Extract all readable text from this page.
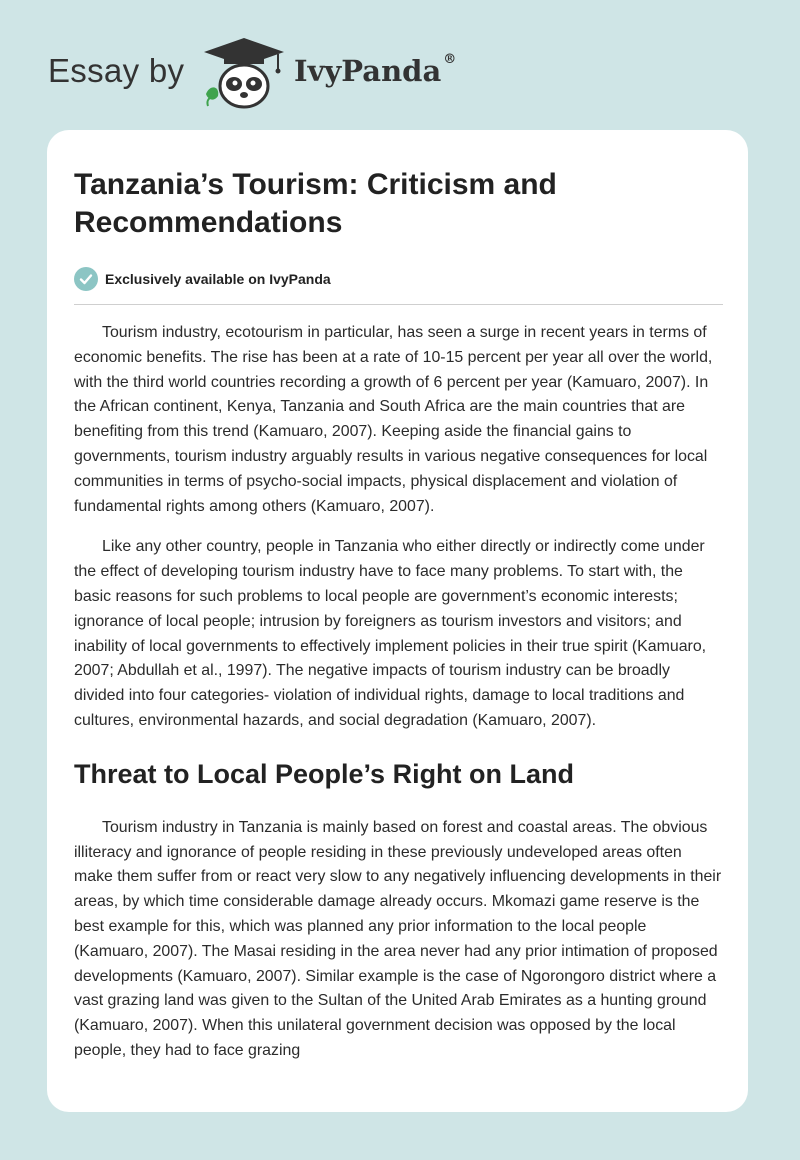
Essay by	IvyPanda ®
Tanzania’s Tourism: Criticism and Recommendations
Exclusively available on IvyPanda

Tourism industry, ecotourism in particular, has seen a surge in recent years in terms of economic benefits. The rise has been at a rate of 10-15 percent per year all over the world, with the third world countries recording a growth of 6 percent per year (Kamuaro, 2007). In the African continent, Kenya, Tanzania and South Africa are the main countries that are benefiting from this trend (Kamuaro, 2007). Keeping aside the financial gains to governments, tourism industry arguably results in various negative consequences for local communities in terms of psycho-social impacts, physical displacement and violation of fundamental rights among others (Kamuaro, 2007).

Like any other country, people in Tanzania who either directly or indirectly come under the effect of developing tourism industry have to face many problems. To start with, the basic reasons for such problems to local people are government’s economic interests; ignorance of local people; intrusion by foreigners as tourism investors and visitors; and inability of local governments to effectively implement policies in their true spirit (Kamuaro, 2007; Abdullah et al., 1997). The negative impacts of tourism industry can be broadly divided into four categories- violation of individual rights, damage to local traditions and cultures, environmental hazards, and social degradation (Kamuaro, 2007).

Threat to Local People’s Right on Land

Tourism industry in Tanzania is mainly based on forest and coastal areas. The obvious illiteracy and ignorance of people residing in these previously undeveloped areas often make them suffer from or react very slow to any negatively influencing developments in their areas, by which time considerable damage already occurs. Mkomazi game reserve is the best example for this, which was planned any prior information to the local people (Kamuaro, 2007). The Masai residing in the area never had any prior intimation of proposed developments (Kamuaro, 2007). Similar example is the case of Ngorongoro district where a vast grazing land was given to the Sultan of the United Arab Emirates as a hunting ground (Kamuaro, 2007). When this unilateral government decision was opposed by the local people, they had to face grazing
